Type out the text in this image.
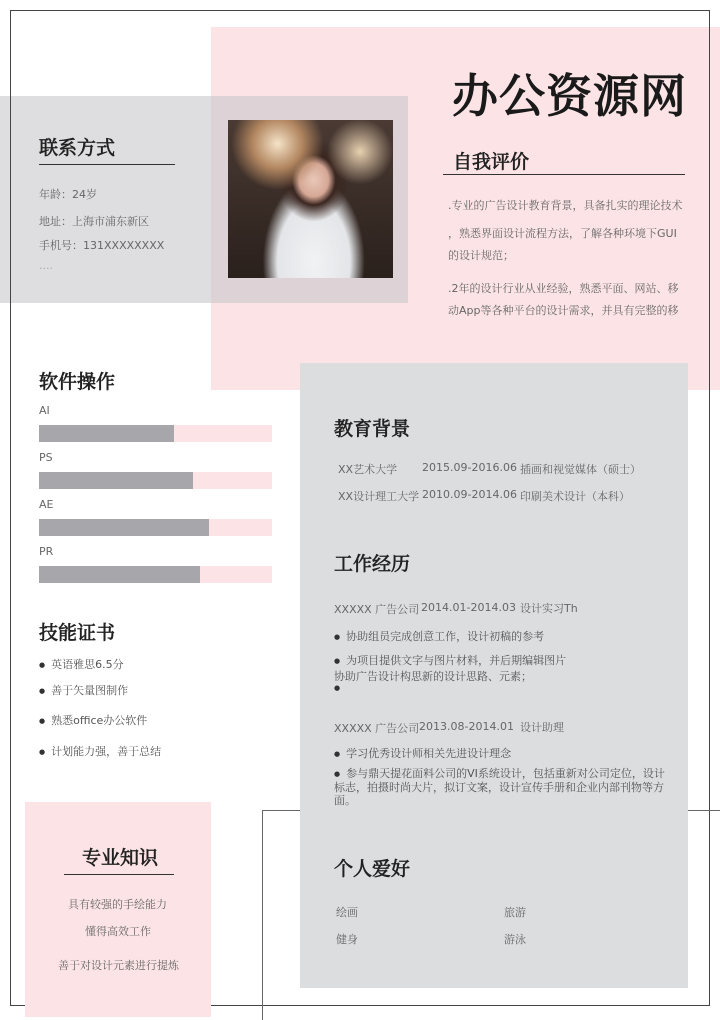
办公资源网
联系方式
年龄：24岁
地址：上海市浦东新区
手机号：131XXXXXXXX
····
自我评价
.专业的广告设计教育背景，具备扎实的理论技术
，熟悉界面设计流程方法，了解各种环境下GUI
的设计规范；
.2年的设计行业从业经验，熟悉平面、网站、移
动App等各种平台的设计需求，并具有完整的移
软件操作
AI
PS
AE
PR
技能证书
● 英语雅思6.5分
● 善于矢量图制作
● 熟悉office办公软件
● 计划能力强，善于总结
专业知识
具有较强的手绘能力
懂得高效工作
善于对设计元素进行提炼
教育背景
XX艺术大学 2015.09-2016.06 插画和视觉媒体（硕士）
XX设计理工大学 2010.09-2014.06 印刷美术设计（本科）
工作经历
XXXXX 广告公司 2014.01-2014.03 设计实习Th
● 协助组员完成创意工作，设计初稿的参考
● 为项目提供文字与图片材料，并后期编辑图片
协助广告设计构思新的设计思路、元素；
●
XXXXX 广告公司 2013.08-2014.01 设计助理
● 学习优秀设计师相关先进设计理念
● 参与鼎天提花面料公司的VI系统设计，包括重新对公司定位，设计标志，拍摄时尚大片，拟订文案，设计宣传手册和企业内部刊物等方面。
个人爱好
绘画	旅游
健身	游泳
